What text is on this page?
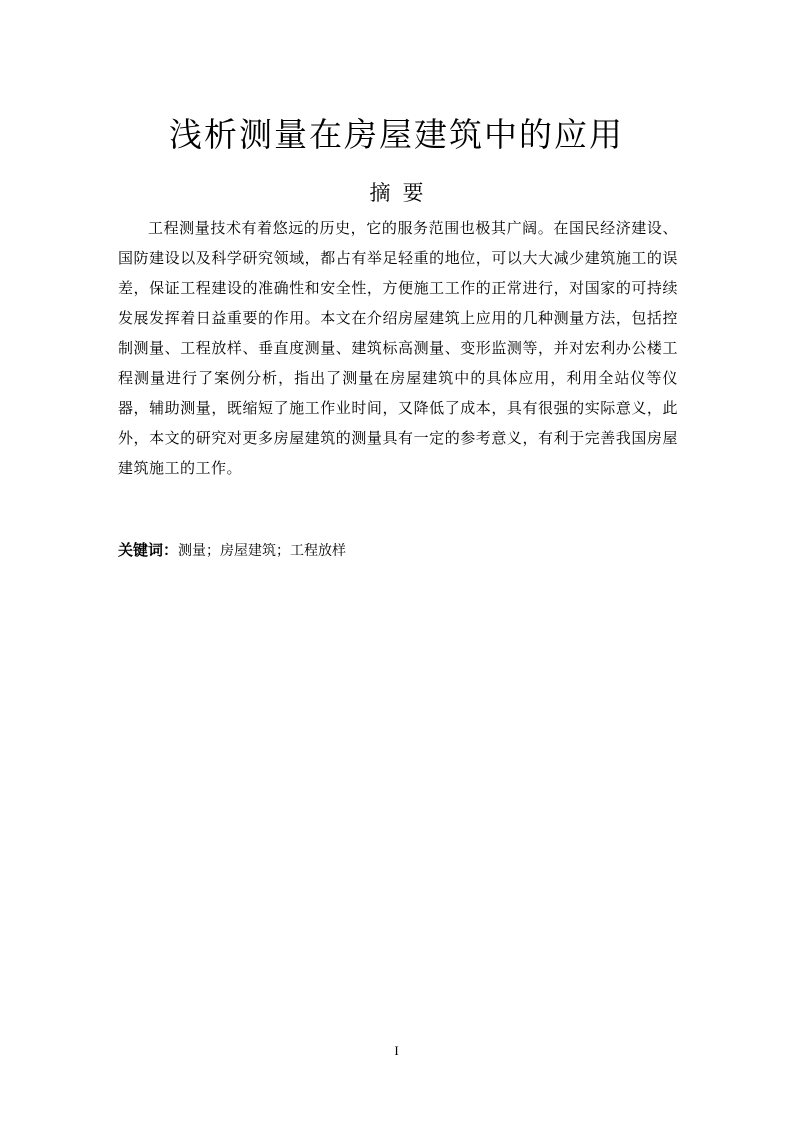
浅析测量在房屋建筑中的应用
摘要

工程测量技术有着悠远的历史，它的服务范围也极其广阔。在国民经济建设、国防建设以及科学研究领域，都占有举足轻重的地位，可以大大减少建筑施工的误差，保证工程建设的准确性和安全性，方便施工工作的正常进行，对国家的可持续发展发挥着日益重要的作用。本文在介绍房屋建筑上应用的几种测量方法，包括控制测量、工程放样、垂直度测量、建筑标高测量、变形监测等，并对宏利办公楼工程测量进行了案例分析，指出了测量在房屋建筑中的具体应用，利用全站仪等仪器，辅助测量，既缩短了施工作业时间，又降低了成本，具有很强的实际意义，此外，本文的研究对更多房屋建筑的测量具有一定的参考意义，有利于完善我国房屋建筑施工的工作。

关键词：测量；房屋建筑；工程放样

I
